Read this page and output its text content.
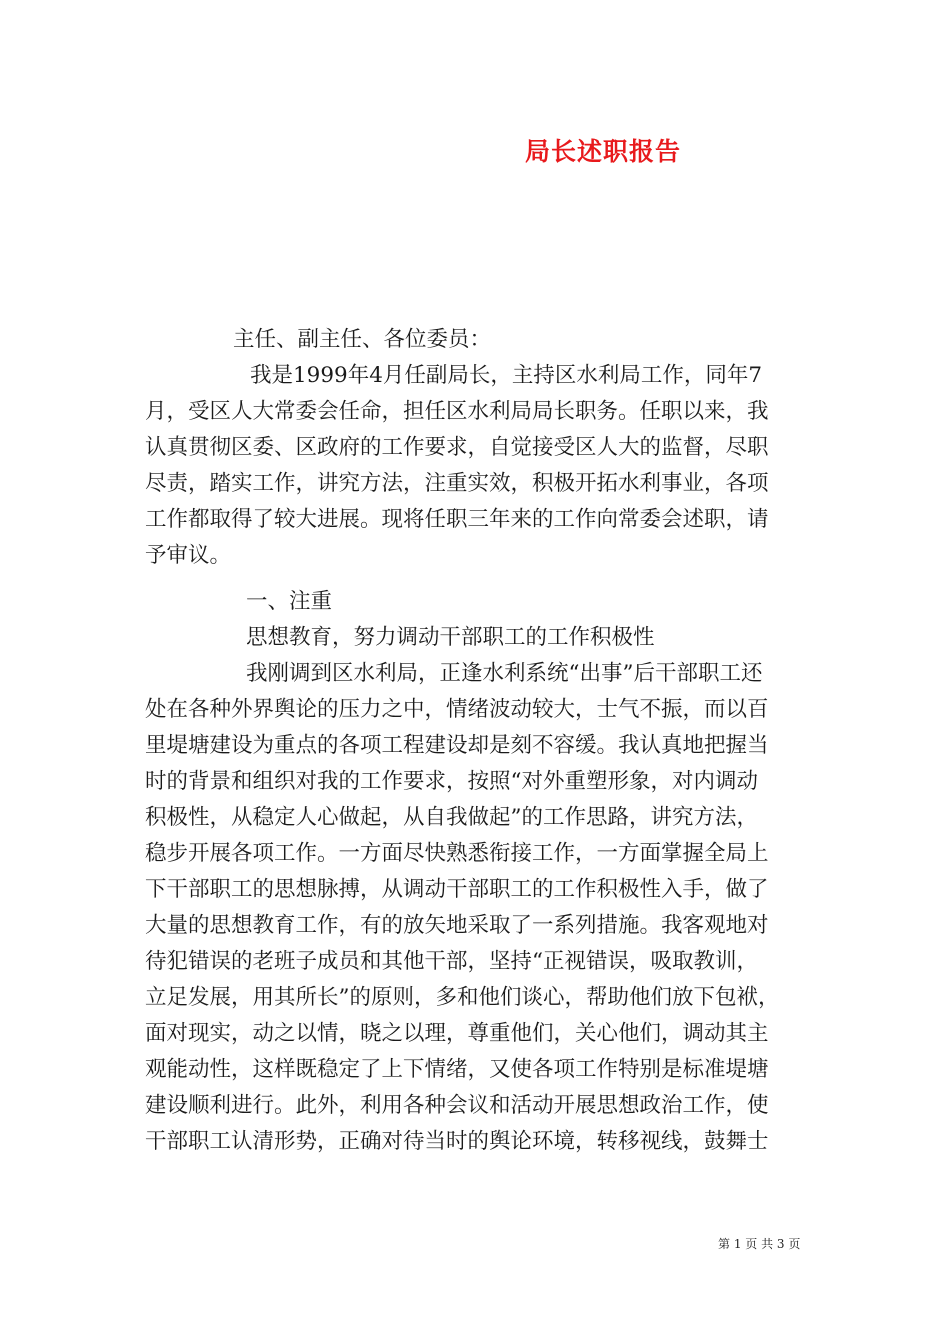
局长述职报告
主任、副主任、各位委员：
我是1999年4月任副局长，主持区水利局工作，同年7
月，受区人大常委会任命，担任区水利局局长职务。任职以来，我
认真贯彻区委、区政府的工作要求，自觉接受区人大的监督，尽职
尽责，踏实工作，讲究方法，注重实效，积极开拓水利事业，各项
工作都取得了较大进展。现将任职三年来的工作向常委会述职，请
予审议。
一、注重
思想教育，努力调动干部职工的工作积极性
我刚调到区水利局，正逢水利系统“出事”后干部职工还
处在各种外界舆论的压力之中，情绪波动较大，士气不振，而以百
里堤塘建设为重点的各项工程建设却是刻不容缓。我认真地把握当
时的背景和组织对我的工作要求，按照“对外重塑形象，对内调动
积极性，从稳定人心做起，从自我做起”的工作思路，讲究方法，
稳步开展各项工作。一方面尽快熟悉衔接工作，一方面掌握全局上
下干部职工的思想脉搏，从调动干部职工的工作积极性入手，做了
大量的思想教育工作，有的放矢地采取了一系列措施。我客观地对
待犯错误的老班子成员和其他干部，坚持“正视错误，吸取教训，
立足发展，用其所长”的原则，多和他们谈心，帮助他们放下包袱，
面对现实，动之以情，晓之以理，尊重他们，关心他们，调动其主
观能动性，这样既稳定了上下情绪，又使各项工作特别是标准堤塘
建设顺利进行。此外，利用各种会议和活动开展思想政治工作，使
干部职工认清形势，正确对待当时的舆论环境，转移视线，鼓舞士
第 1 页 共 3 页
